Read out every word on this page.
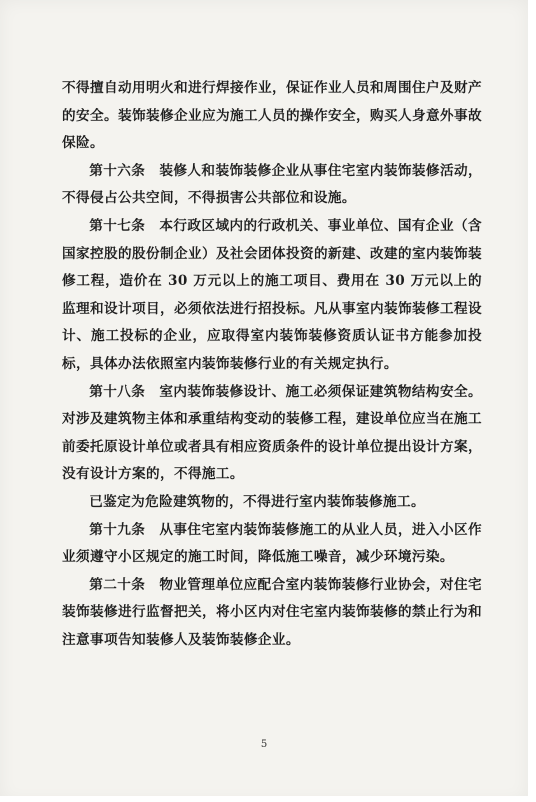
不得擅自动用明火和进行焊接作业，保证作业人员和周围住户及财产的安全。装饰装修企业应为施工人员的操作安全，购买人身意外事故保险。

第十六条　装修人和装饰装修企业从事住宅室内装饰装修活动，不得侵占公共空间，不得损害公共部位和设施。

第十七条　本行政区域内的行政机关、事业单位、国有企业（含国家控股的股份制企业）及社会团体投资的新建、改建的室内装饰装修工程，造价在 30 万元以上的施工项目、费用在 30 万元以上的监理和设计项目，必须依法进行招投标。凡从事室内装饰装修工程设计、施工投标的企业，应取得室内装饰装修资质认证书方能参加投标，具体办法依照室内装饰装修行业的有关规定执行。

第十八条　室内装饰装修设计、施工必须保证建筑物结构安全。对涉及建筑物主体和承重结构变动的装修工程，建设单位应当在施工前委托原设计单位或者具有相应资质条件的设计单位提出设计方案，没有设计方案的，不得施工。

已鉴定为危险建筑物的，不得进行室内装饰装修施工。

第十九条　从事住宅室内装饰装修施工的从业人员，进入小区作业须遵守小区规定的施工时间，降低施工噪音，减少环境污染。

第二十条　物业管理单位应配合室内装饰装修行业协会，对住宅装饰装修进行监督把关，将小区内对住宅室内装饰装修的禁止行为和注意事项告知装修人及装饰装修企业。

5
